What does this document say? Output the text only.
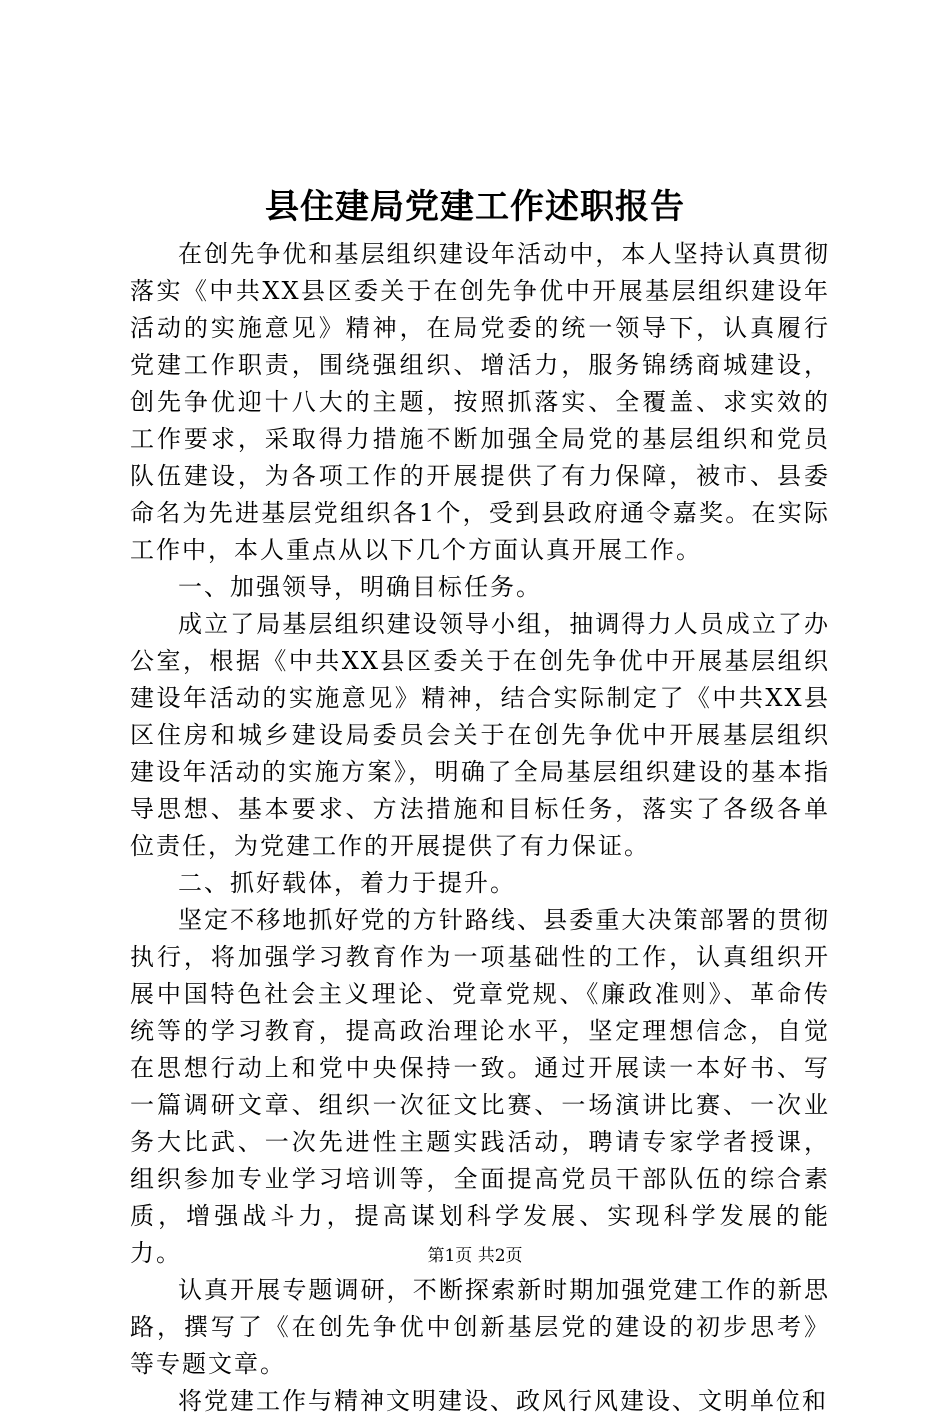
县住建局党建工作述职报告

在创先争优和基层组织建设年活动中，本人坚持认真贯彻落实《中共XX县区委关于在创先争优中开展基层组织建设年活动的实施意见》精神，在局党委的统一领导下，认真履行党建工作职责，围绕强组织、增活力，服务锦绣商城建设，创先争优迎十八大的主题，按照抓落实、全覆盖、求实效的工作要求，采取得力措施不断加强全局党的基层组织和党员队伍建设，为各项工作的开展提供了有力保障，被市、县委命名为先进基层党组织各1个，受到县政府通令嘉奖。在实际工作中，本人重点从以下几个方面认真开展工作。

一、加强领导，明确目标任务。

成立了局基层组织建设领导小组，抽调得力人员成立了办公室，根据《中共XX县区委关于在创先争优中开展基层组织建设年活动的实施意见》精神，结合实际制定了《中共XX县区住房和城乡建设局委员会关于在创先争优中开展基层组织建设年活动的实施方案》，明确了全局基层组织建设的基本指导思想、基本要求、方法措施和目标任务，落实了各级各单位责任，为党建工作的开展提供了有力保证。

二、抓好载体，着力于提升。

坚定不移地抓好党的方针路线、县委重大决策部署的贯彻执行，将加强学习教育作为一项基础性的工作，认真组织开展中国特色社会主义理论、党章党规、《廉政准则》、革命传统等的学习教育，提高政治理论水平，坚定理想信念，自觉在思想行动上和党中央保持一致。通过开展读一本好书、写一篇调研文章、组织一次征文比赛、一场演讲比赛、一次业务大比武、一次先进性主题实践活动，聘请专家学者授课，组织参加专业学习培训等，全面提高党员干部队伍的综合素质，增强战斗力，提高谋划科学发展、实现科学发展的能力。

认真开展专题调研，不断探索新时期加强党建工作的新思路，撰写了《在创先争优中创新基层党的建设的初步思考》等专题文章。

将党建工作与精神文明建设、政风行风建设、文明单位和

第1页 共2页
